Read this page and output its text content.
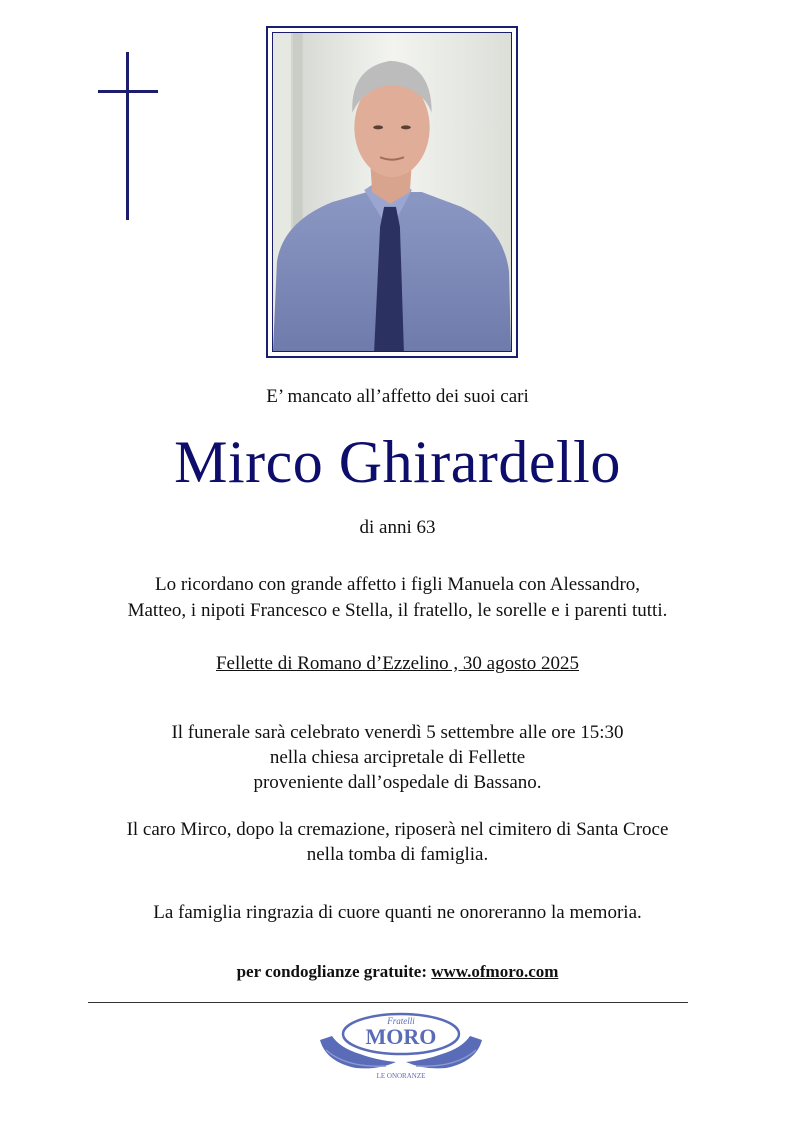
E’ mancato all’affetto dei suoi cari
Mirco Ghirardello
di anni 63
Lo ricordano con grande affetto i figli Manuela con Alessandro,
Matteo, i nipoti Francesco e Stella, il fratello, le sorelle e i parenti tutti.
Fellette di Romano d’Ezzelino , 30 agosto 2025
Il funerale sarà celebrato venerdì 5 settembre alle ore 15:30
nella chiesa arcipretale di Fellette
proveniente dall’ospedale di Bassano.
Il caro Mirco, dopo la cremazione, riposerà nel cimitero di Santa Croce
nella tomba di famiglia.
La famiglia ringrazia di cuore quanti ne onoreranno la memoria.
per condoglianze gratuite: www.ofmoro.com
Fratelli
MORO
LE ONORANZE
